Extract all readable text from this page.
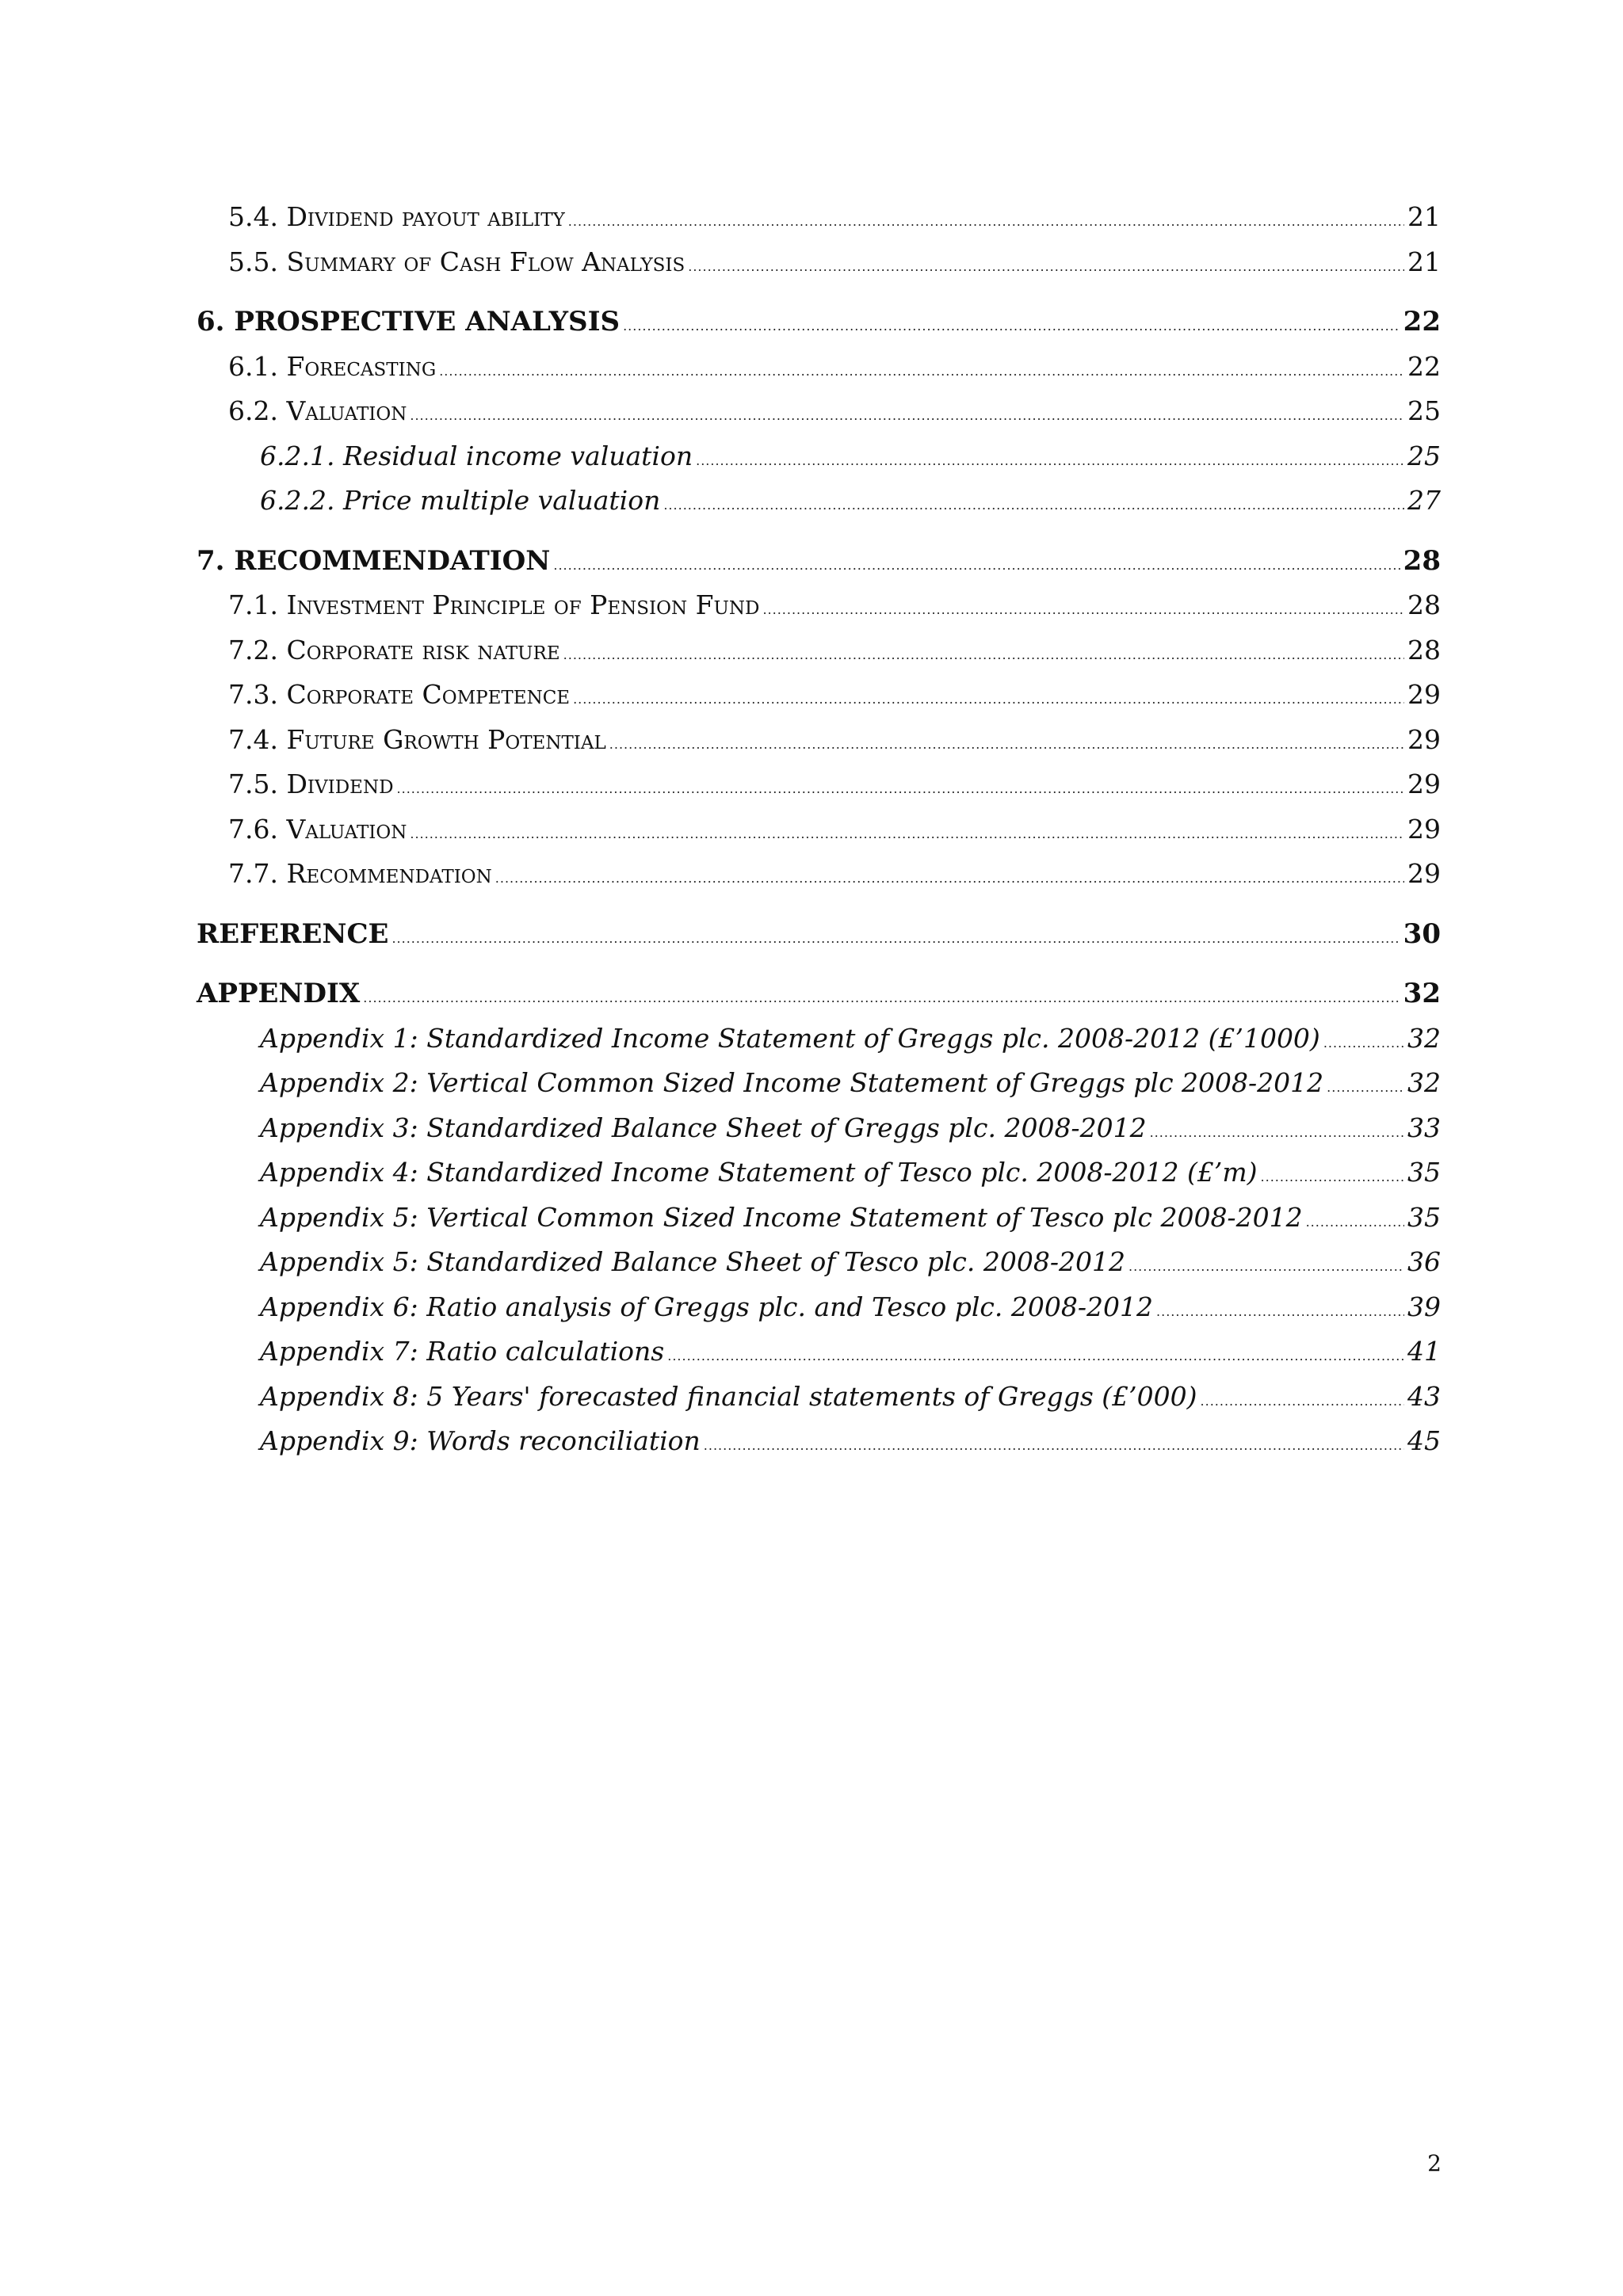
5.4. Dividend payout ability .....	21
5.5. Summary of Cash Flow Analysis .....	21
6. PROSPECTIVE ANALYSIS .....	22
6.1. Forecasting .....	22
6.2. Valuation .....	25
6.2.1. Residual income valuation .....	25
6.2.2. Price multiple valuation .....	27
7. RECOMMENDATION .....	28
7.1. Investment Principle of Pension Fund .....	28
7.2. Corporate risk nature .....	28
7.3. Corporate Competence .....	29
7.4. Future Growth Potential .....	29
7.5. Dividend .....	29
7.6. Valuation .....	29
7.7. Recommendation .....	29
REFERENCE .....	30
APPENDIX .....	32
Appendix 1: Standardized Income Statement of Greggs plc. 2008-2012 (£’1000) .....	32
Appendix 2: Vertical Common Sized Income Statement of Greggs plc 2008-2012 .....	32
Appendix 3: Standardized Balance Sheet of Greggs plc. 2008-2012 .....	33
Appendix 4: Standardized Income Statement of Tesco plc. 2008-2012 (£’m) .....	35
Appendix 5: Vertical Common Sized Income Statement of Tesco plc 2008-2012 .....	35
Appendix 5: Standardized Balance Sheet of Tesco plc. 2008-2012 .....	36
Appendix 6: Ratio analysis of Greggs plc. and Tesco plc. 2008-2012 .....	39
Appendix 7: Ratio calculations .....	41
Appendix 8: 5 Years' forecasted financial statements of Greggs (£’000) .....	43
Appendix 9: Words reconciliation .....	45
2
